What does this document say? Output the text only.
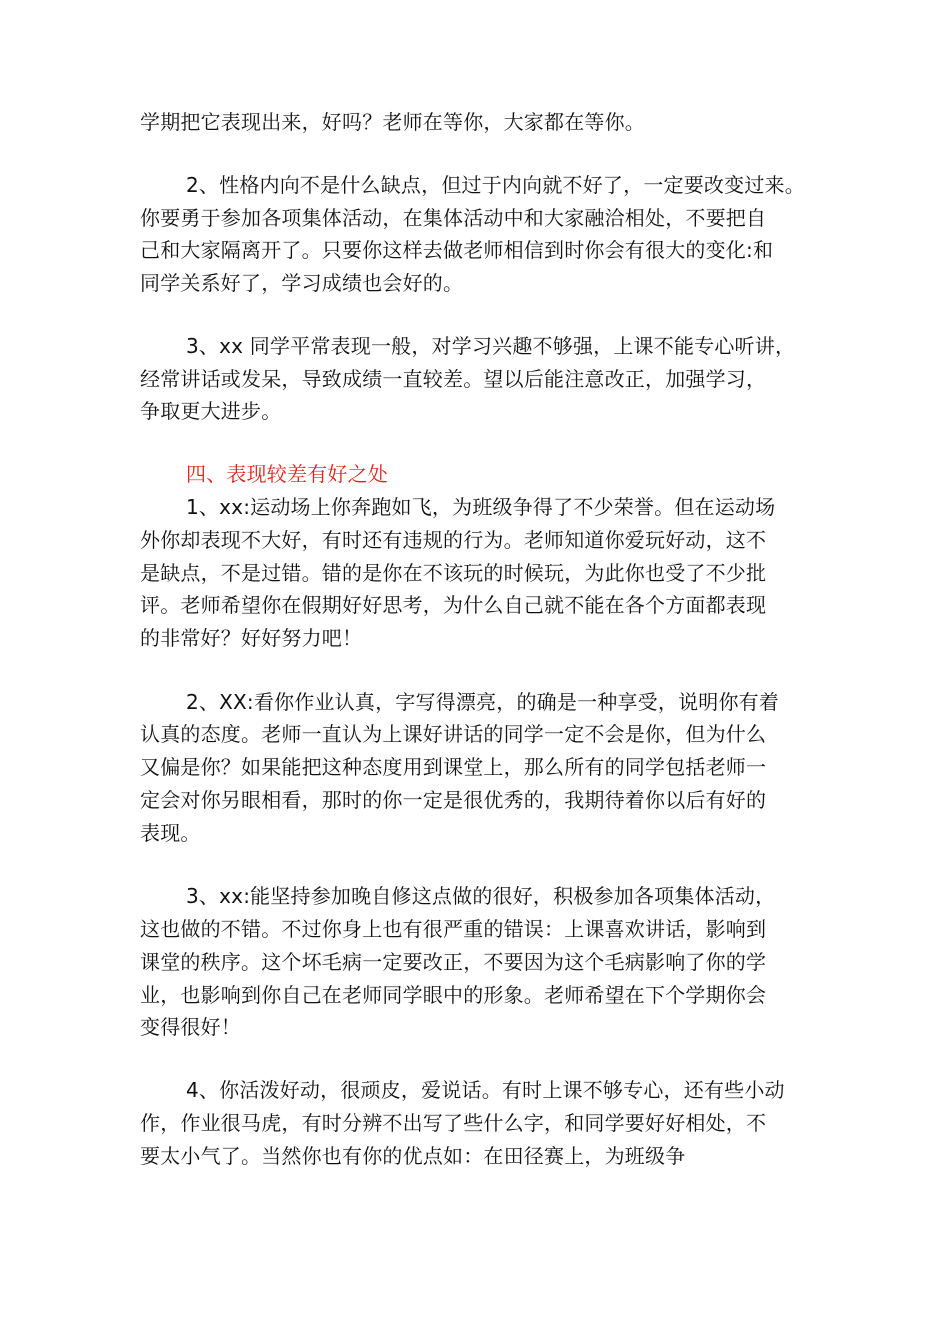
学期把它表现出来，好吗？老师在等你，大家都在等你。
2、性格内向不是什么缺点，但过于内向就不好了，一定要改变过来。
你要勇于参加各项集体活动，在集体活动中和大家融洽相处，不要把自
己和大家隔离开了。只要你这样去做老师相信到时你会有很大的变化:和
同学关系好了，学习成绩也会好的。
3、xx 同学平常表现一般，对学习兴趣不够强，上课不能专心听讲，
经常讲话或发呆，导致成绩一直较差。望以后能注意改正，加强学习，
争取更大进步。
四、表现较差有好之处
1、xx:运动场上你奔跑如飞，为班级争得了不少荣誉。但在运动场
外你却表现不大好，有时还有违规的行为。老师知道你爱玩好动，这不
是缺点，不是过错。错的是你在不该玩的时候玩，为此你也受了不少批
评。老师希望你在假期好好思考，为什么自己就不能在各个方面都表现
的非常好？好好努力吧！
2、XX:看你作业认真，字写得漂亮，的确是一种享受，说明你有着
认真的态度。老师一直认为上课好讲话的同学一定不会是你，但为什么
又偏是你？如果能把这种态度用到课堂上，那么所有的同学包括老师一
定会对你另眼相看，那时的你一定是很优秀的，我期待着你以后有好的
表现。
3、xx:能坚持参加晚自修这点做的很好，积极参加各项集体活动，
这也做的不错。不过你身上也有很严重的错误：上课喜欢讲话，影响到
课堂的秩序。这个坏毛病一定要改正，不要因为这个毛病影响了你的学
业，也影响到你自己在老师同学眼中的形象。老师希望在下个学期你会
变得很好！
4、你活泼好动，很顽皮，爱说话。有时上课不够专心，还有些小动
作，作业很马虎，有时分辨不出写了些什么字，和同学要好好相处，不
要太小气了。当然你也有你的优点如：在田径赛上，为班级争
